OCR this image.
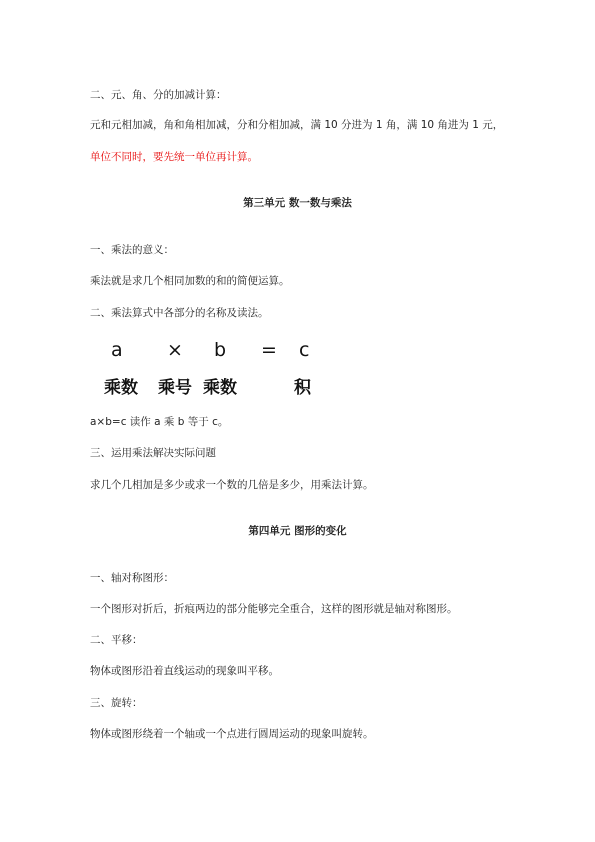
二、元、角、分的加减计算：
元和元相加减，角和角相加减，分和分相加减，满 10 分进为 1 角，满 10 角进为 1 元，
单位不同时，要先统一单位再计算。
第三单元 数一数与乘法
一、乘法的意义：
乘法就是求几个相同加数的和的简便运算。
二、乘法算式中各部分的名称及读法。
a × b = c
乘数 乘号 乘数	积
a×b=c 读作 a 乘 b 等于 c。
三、运用乘法解决实际问题
求几个几相加是多少或求一个数的几倍是多少，用乘法计算。
第四单元 图形的变化
一、轴对称图形：
一个图形对折后，折痕两边的部分能够完全重合，这样的图形就是轴对称图形。
二、平移：
物体或图形沿着直线运动的现象叫平移。
三、旋转：
物体或图形绕着一个轴或一个点进行圆周运动的现象叫旋转。
